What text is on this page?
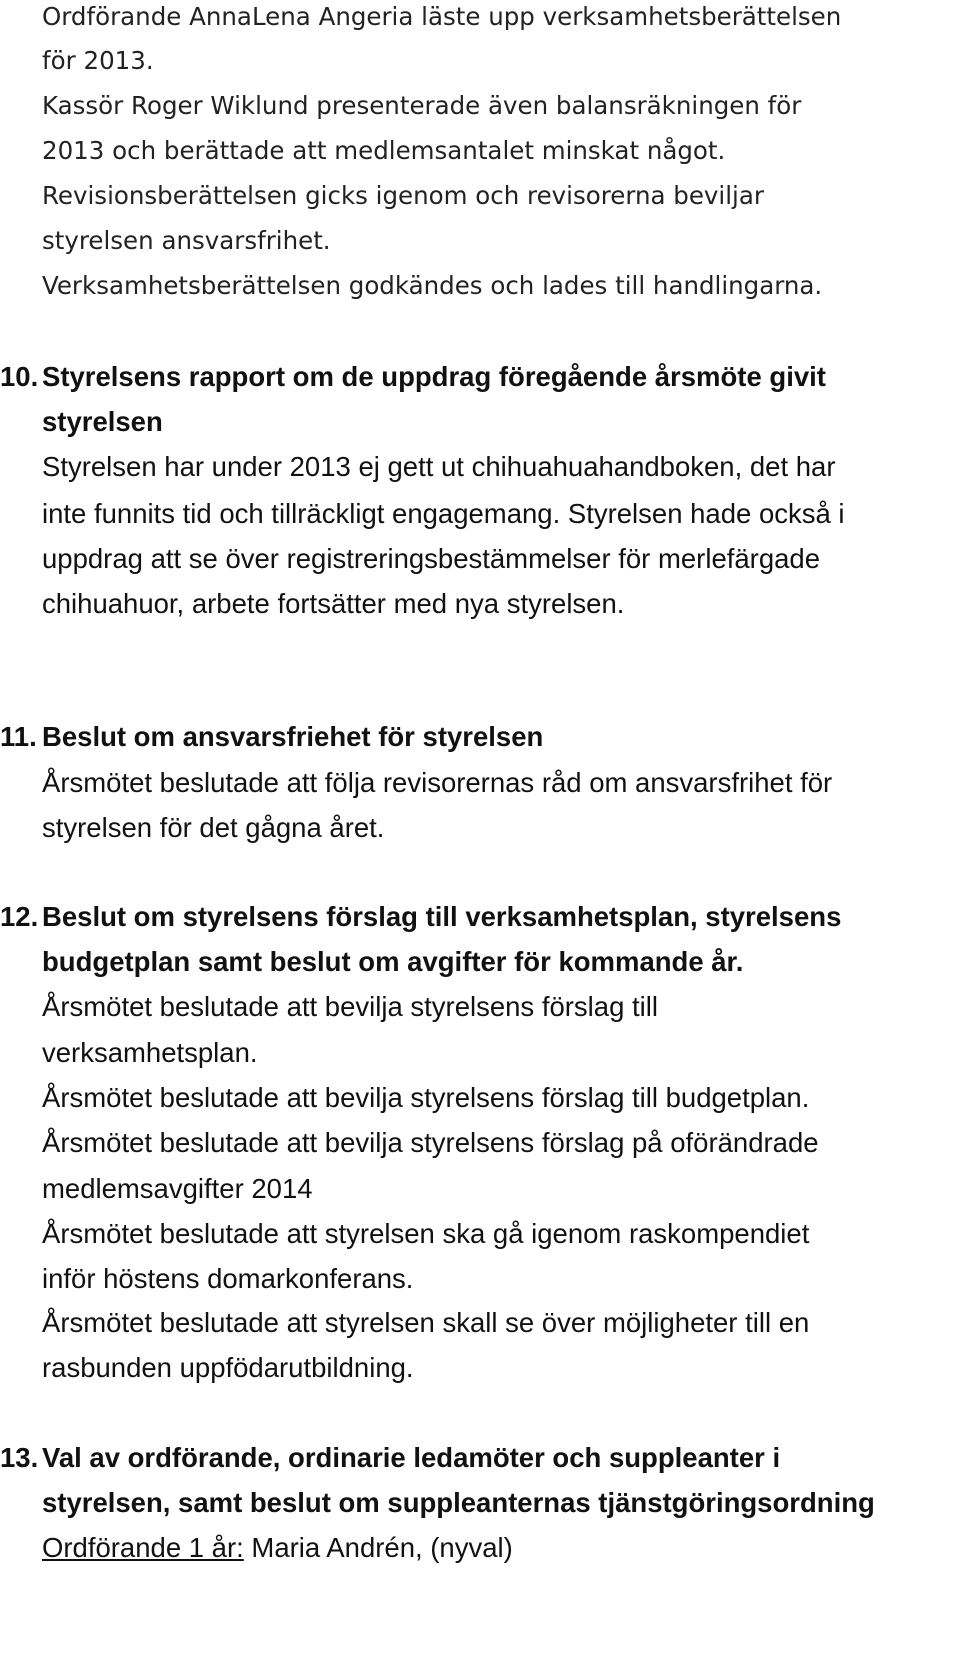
Ordförande AnnaLena Angeria läste upp verksamhetsberättelsen
för 2013.
Kassör Roger Wiklund presenterade även balansräkningen för
2013 och berättade att medlemsantalet minskat något.
Revisionsberättelsen gicks igenom och revisorerna beviljar
styrelsen ansvarsfrihet.
Verksamhetsberättelsen godkändes och lades till handlingarna.
10. Styrelsens rapport om de uppdrag föregående årsmöte givit
styrelsen
Styrelsen har under 2013 ej gett ut chihuahuahandboken, det har
inte funnits tid och tillräckligt engagemang. Styrelsen hade också i
uppdrag att se över registreringsbestämmelser för merlefärgade
chihuahuor, arbete fortsätter med nya styrelsen.
11. Beslut om ansvarsfriehet för styrelsen
Årsmötet beslutade att följa revisorernas råd om ansvarsfrihet för
styrelsen för det gågna året.
12. Beslut om styrelsens förslag till verksamhetsplan, styrelsens
budgetplan samt beslut om avgifter för kommande år.
Årsmötet beslutade att bevilja styrelsens förslag till
verksamhetsplan.
Årsmötet beslutade att bevilja styrelsens förslag till budgetplan.
Årsmötet beslutade att bevilja styrelsens förslag på oförändrade
medlemsavgifter 2014
Årsmötet beslutade att styrelsen ska gå igenom raskompendiet
inför höstens domarkonferans.
Årsmötet beslutade att styrelsen skall se över möjligheter till en
rasbunden uppfödarutbildning.
13. Val av ordförande, ordinarie ledamöter och suppleanter i
styrelsen, samt beslut om suppleanternas tjänstgöringsordning
Ordförande 1 år: Maria Andrén, (nyval)
